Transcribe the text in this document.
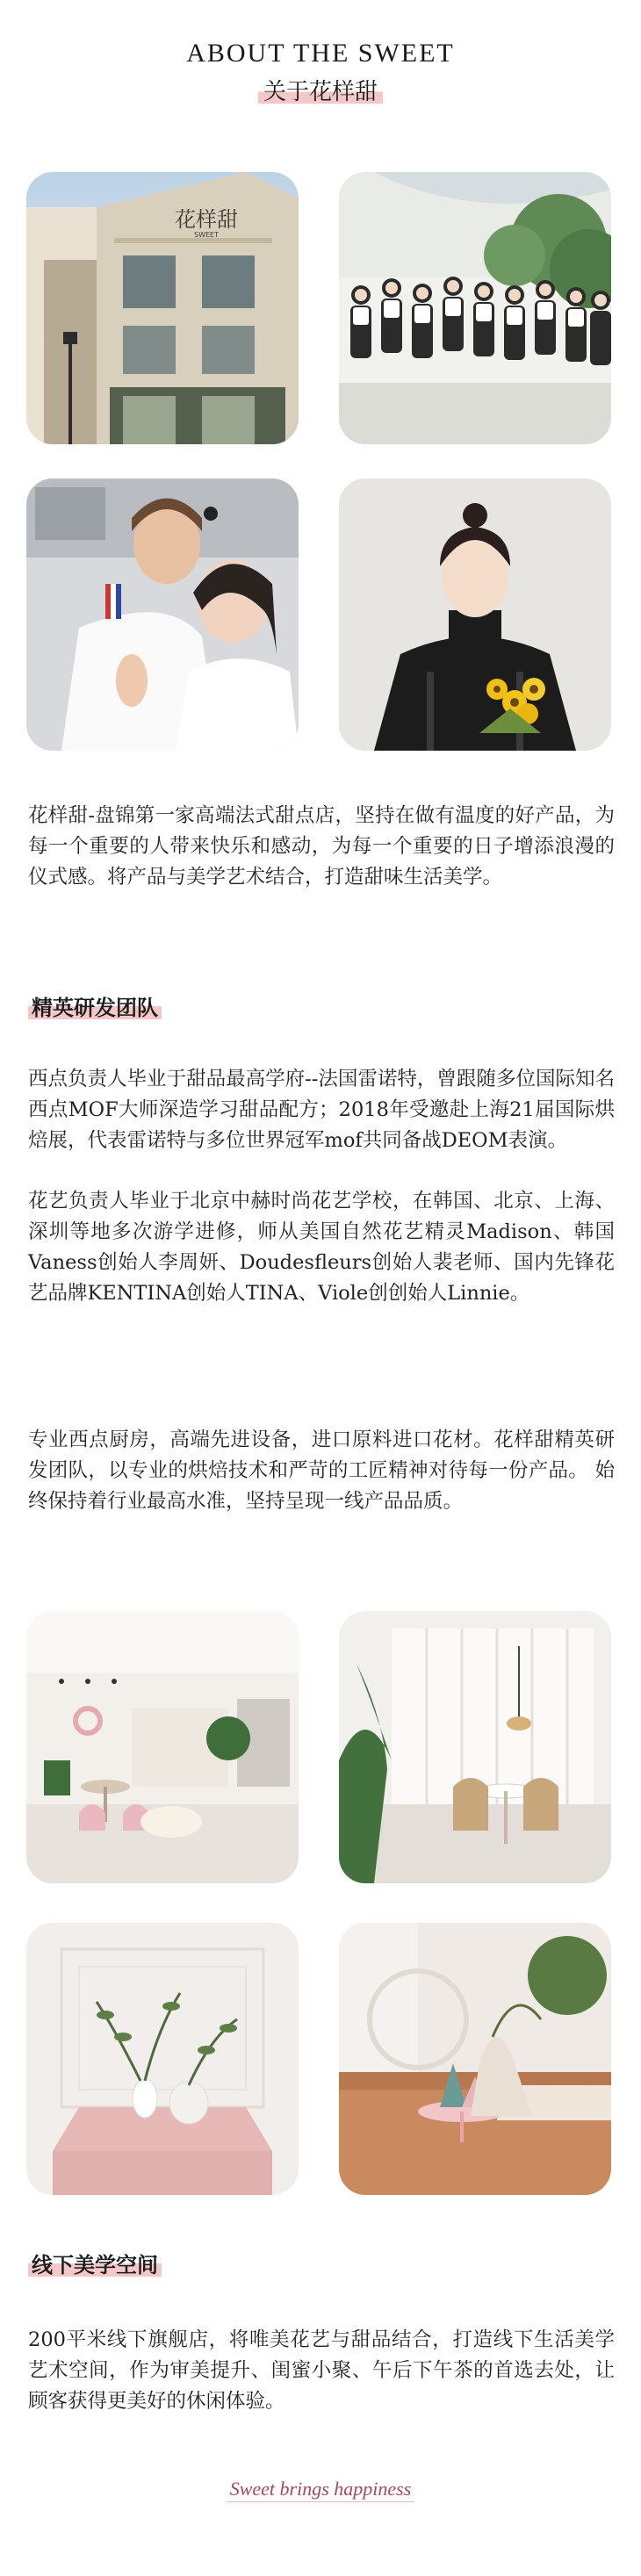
ABOUT THE SWEET
关于花样甜
花样甜
SWEET
花样甜-盘锦第一家高端法式甜点店，坚持在做有温度的好产品，为每一个重要的人带来快乐和感动，为每一个重要的日子增添浪漫的仪式感。将产品与美学艺术结合，打造甜味生活美学。
精英研发团队
西点负责人毕业于甜品最高学府--法国雷诺特，曾跟随多位国际知名西点MOF大师深造学习甜品配方；2018年受邀赴上海21届国际烘焙展，代表雷诺特与多位世界冠军mof共同备战DEOM表演。
花艺负责人毕业于北京中赫时尚花艺学校，在韩国、北京、上海、深圳等地多次游学进修，师从美国自然花艺精灵Madison、韩国Vaness创始人李周妍、Doudesfleurs创始人裴老师、国内先锋花艺品牌KENTINA创始人TINA、Viole创创始人Linnie。
专业西点厨房，高端先进设备，进口原料进口花材。花样甜精英研发团队，以专业的烘焙技术和严苛的工匠精神对待每一份产品。 始终保持着行业最高水准，坚持呈现一线产品品质。
线下美学空间
200平米线下旗舰店，将唯美花艺与甜品结合，打造线下生活美学艺术空间，作为审美提升、闺蜜小聚、午后下午茶的首选去处，让顾客获得更美好的休闲体验。
Sweet brings happiness
